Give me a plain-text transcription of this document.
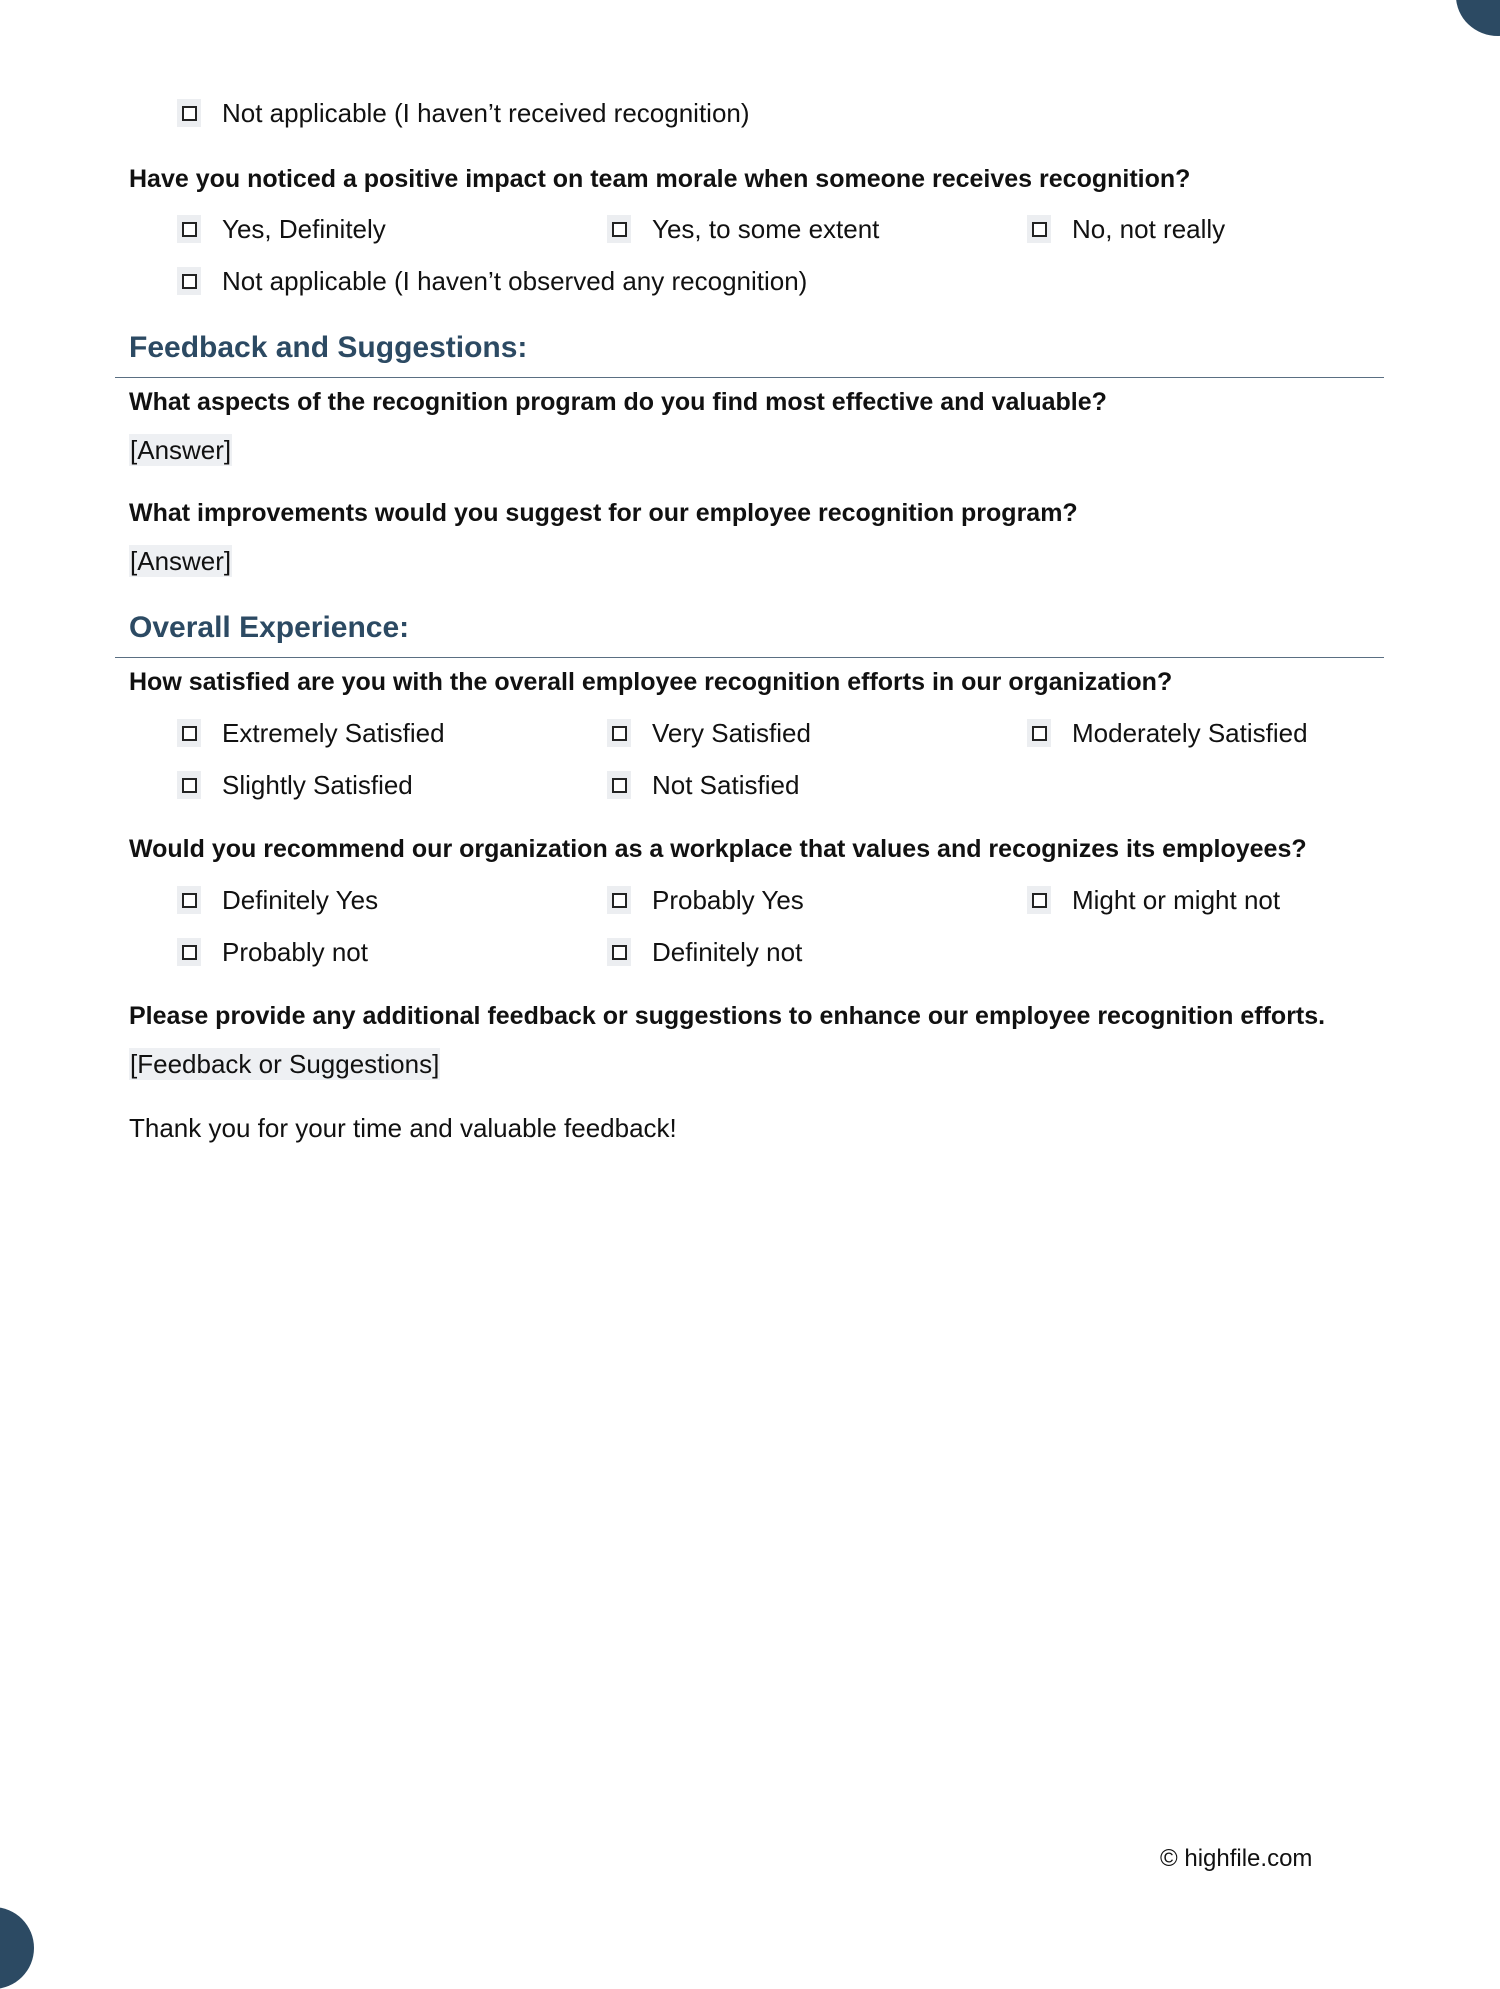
Not applicable (I haven’t received recognition)
Have you noticed a positive impact on team morale when someone receives recognition?
Yes, Definitely	Yes, to some extent	No, not really
Not applicable (I haven’t observed any recognition)
Feedback and Suggestions:
What aspects of the recognition program do you find most effective and valuable?
[Answer]
What improvements would you suggest for our employee recognition program?
[Answer]
Overall Experience:
How satisfied are you with the overall employee recognition efforts in our organization?
Extremely Satisfied	Very Satisfied	Moderately Satisfied
Slightly Satisfied	Not Satisfied
Would you recommend our organization as a workplace that values and recognizes its employees?
Definitely Yes	Probably Yes	Might or might not
Probably not	Definitely not
Please provide any additional feedback or suggestions to enhance our employee recognition efforts.
[Feedback or Suggestions]
Thank you for your time and valuable feedback!
© highfile.com
